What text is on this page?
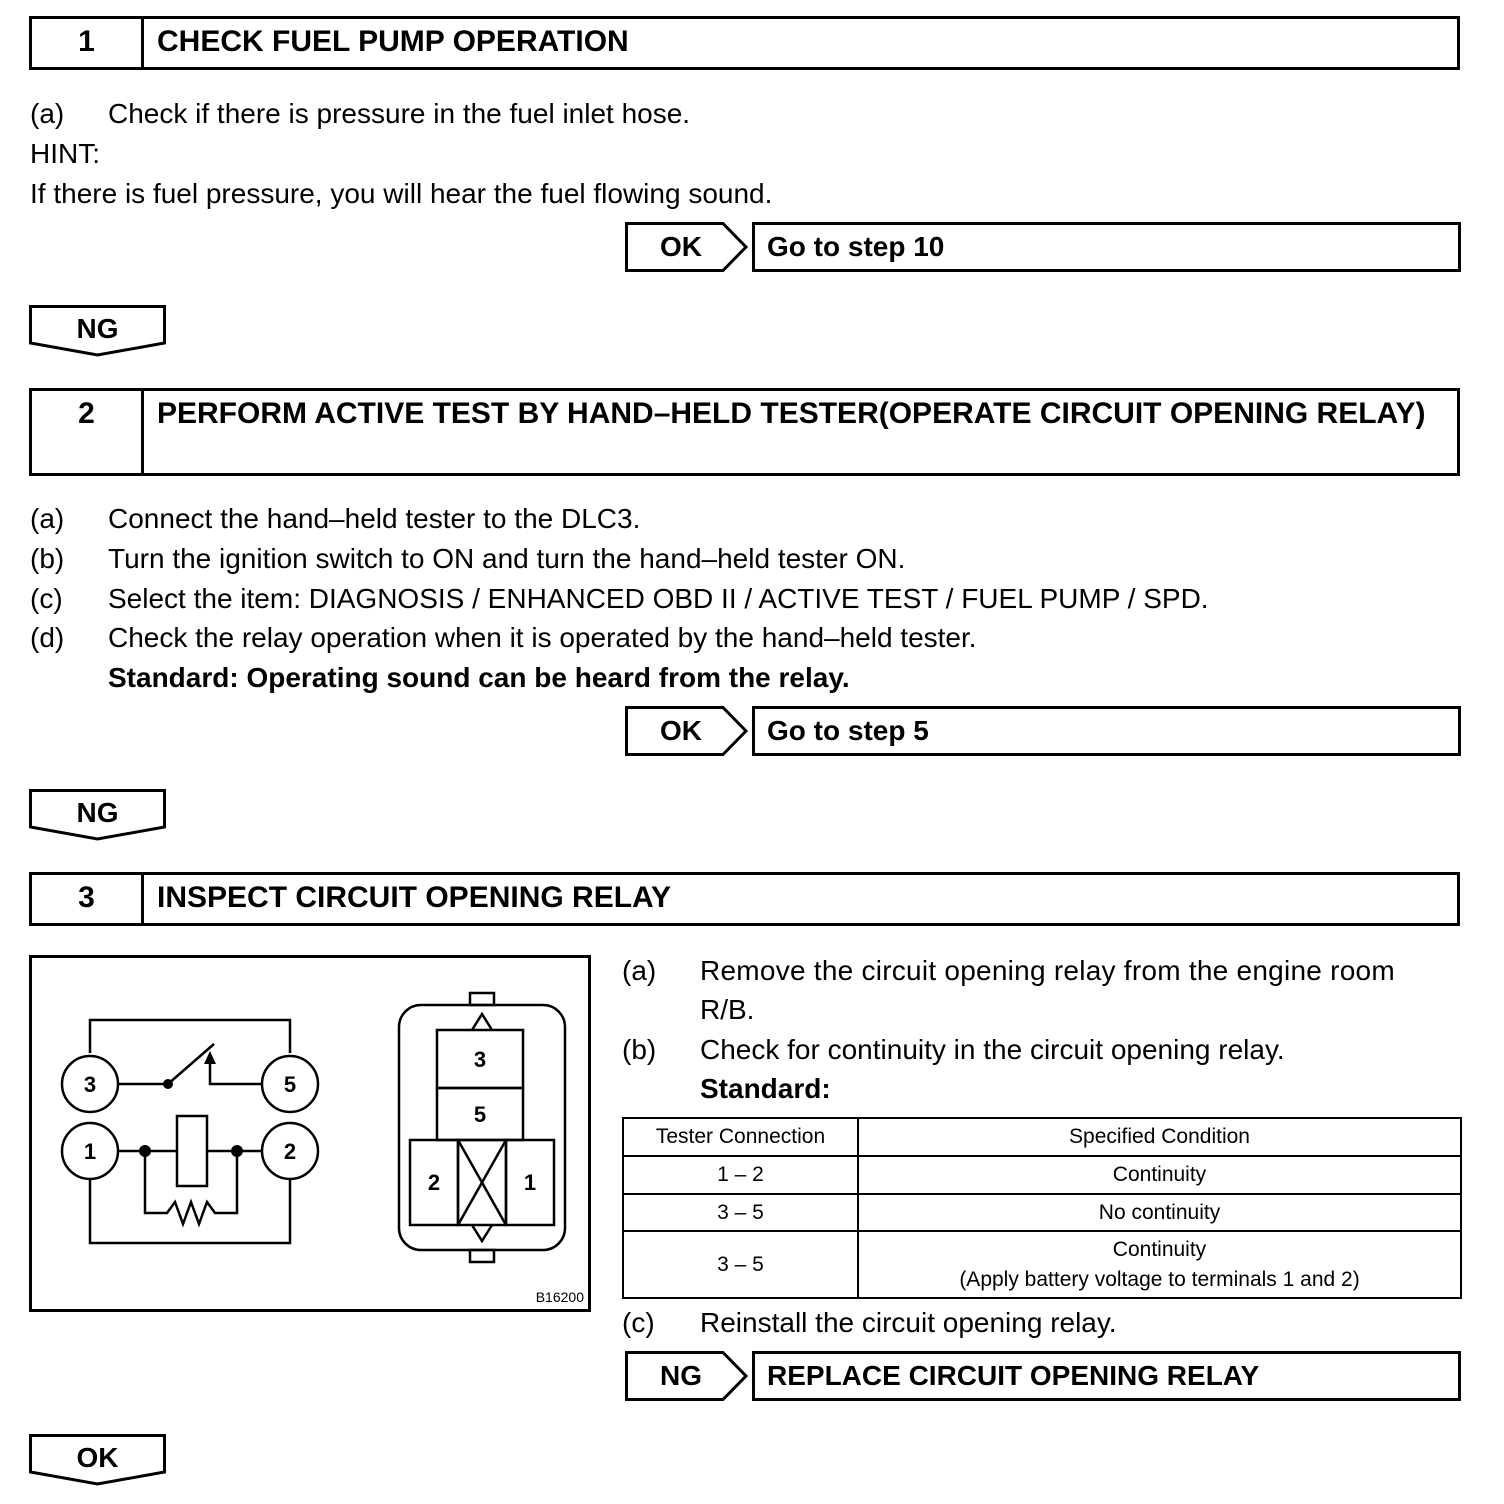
1	CHECK FUEL PUMP OPERATION
(a) Check if there is pressure in the fuel inlet hose.
HINT:
If there is fuel pressure, you will hear the fuel flowing sound.
OK	Go to step 10
NG
2	PERFORM ACTIVE TEST BY HAND–HELD TESTER(OPERATE CIRCUIT OPENING RELAY)
(a) Connect the hand–held tester to the DLC3.
(b) Turn the ignition switch to ON and turn the hand–held tester ON.
(c) Select the item: DIAGNOSIS / ENHANCED OBD II / ACTIVE TEST / FUEL PUMP / SPD.
(d) Check the relay operation when it is operated by the hand–held tester.
Standard: Operating sound can be heard from the relay.
OK	Go to step 5
NG
3	INSPECT CIRCUIT OPENING RELAY
3	5
1	2
3
5
2	1
B16200
(a) Remove the circuit opening relay from the engine room
R/B.
(b) Check for continuity in the circuit opening relay.
Standard:
Tester Connection	Specified Condition
1 – 2	Continuity
3 – 5	No continuity
3 – 5	Continuity
(Apply battery voltage to terminals 1 and 2)
(c) Reinstall the circuit opening relay.
NG	REPLACE CIRCUIT OPENING RELAY
OK
